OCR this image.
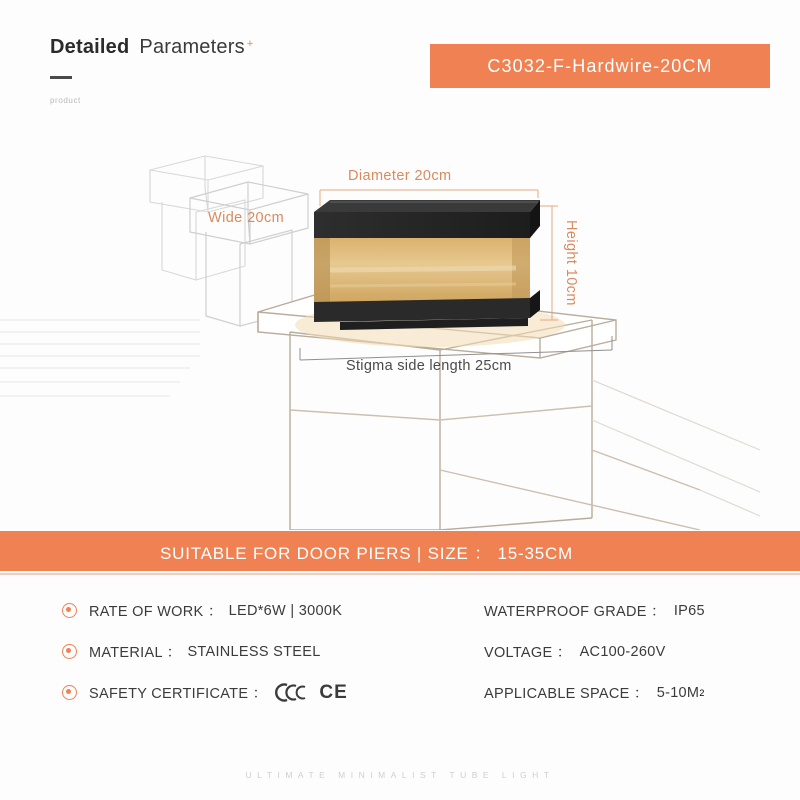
Detailed Parameters +
product
C3032-F-Hardwire-20CM
Diameter 20cm
Wide 20cm
Height 10cm
Stigma side length 25cm
SUITABLE FOR DOOR PIERS | SIZE ： 15-35CM
RATE OF WORK ： LED*6W | 3000K
MATERIAL ： STAINLESS STEEL
SAFETY CERTIFICATE ：	CE
WATERPROOF GRADE ： IP65
VOLTAGE ： AC100-260V
APPLICABLE SPACE ： 5-10M 2
ULTIMATE MINIMALIST TUBE LIGHT
